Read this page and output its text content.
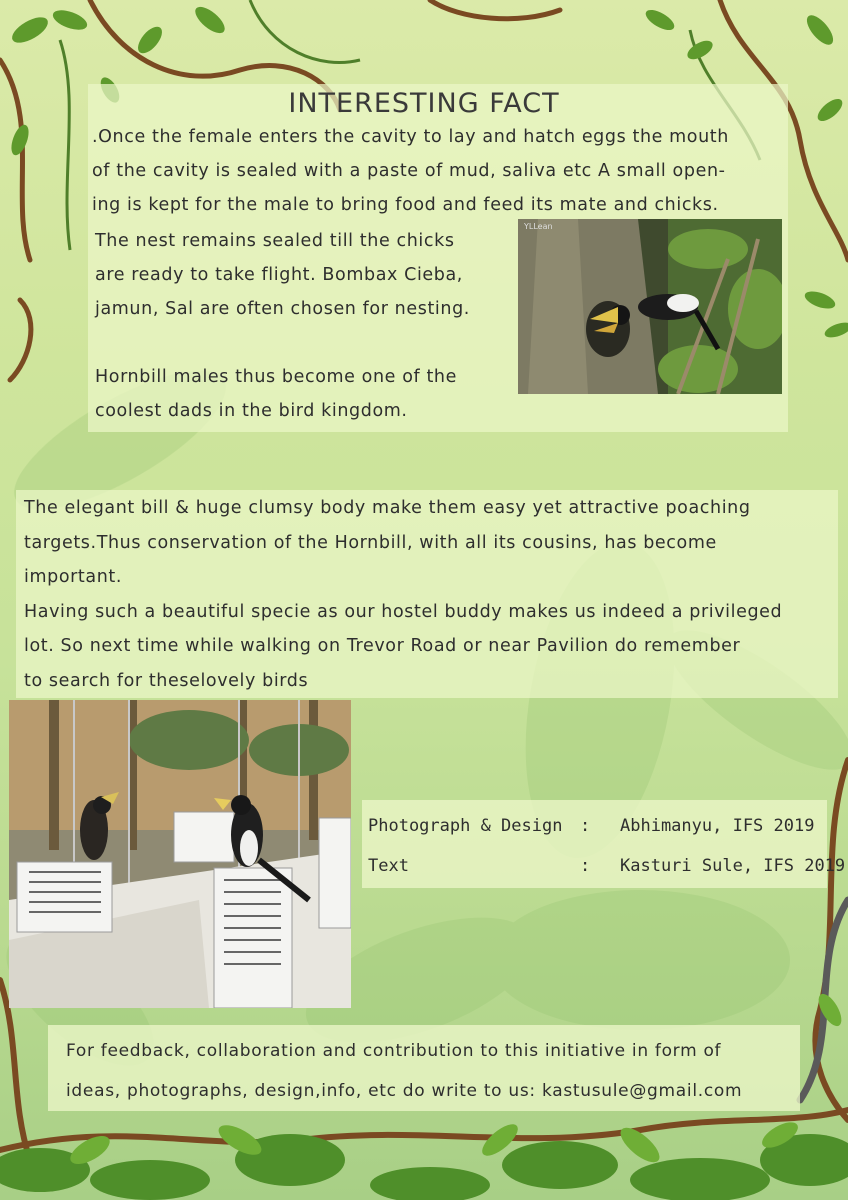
INTERESTING FACT
.Once the female enters the cavity to lay and hatch eggs the mouth
of the cavity is sealed with a paste of mud, saliva etc A small open-
ing is kept for the male to bring food and feed its mate and chicks.
The nest remains sealed till the chicks
are ready to take flight. Bombax Cieba,
jamun, Sal are often chosen for nesting.
Hornbill males thus become one of the
coolest dads in the bird kingdom.
YLLean
The elegant bill & huge clumsy body make them easy yet attractive poaching
targets.Thus conservation of the Hornbill, with all its cousins, has become
important.
Having such a beautiful specie as our hostel buddy makes us indeed a privileged
lot. So next time while walking on Trevor Road or near Pavilion do remember
to search for theselovely birds
Photograph & Design : Abhimanyu, IFS 2019
Text	: Kasturi Sule, IFS 2019
For feedback, collaboration and contribution to this initiative in form of
ideas, photographs, design,info, etc do write to us: kastusule@gmail.com
